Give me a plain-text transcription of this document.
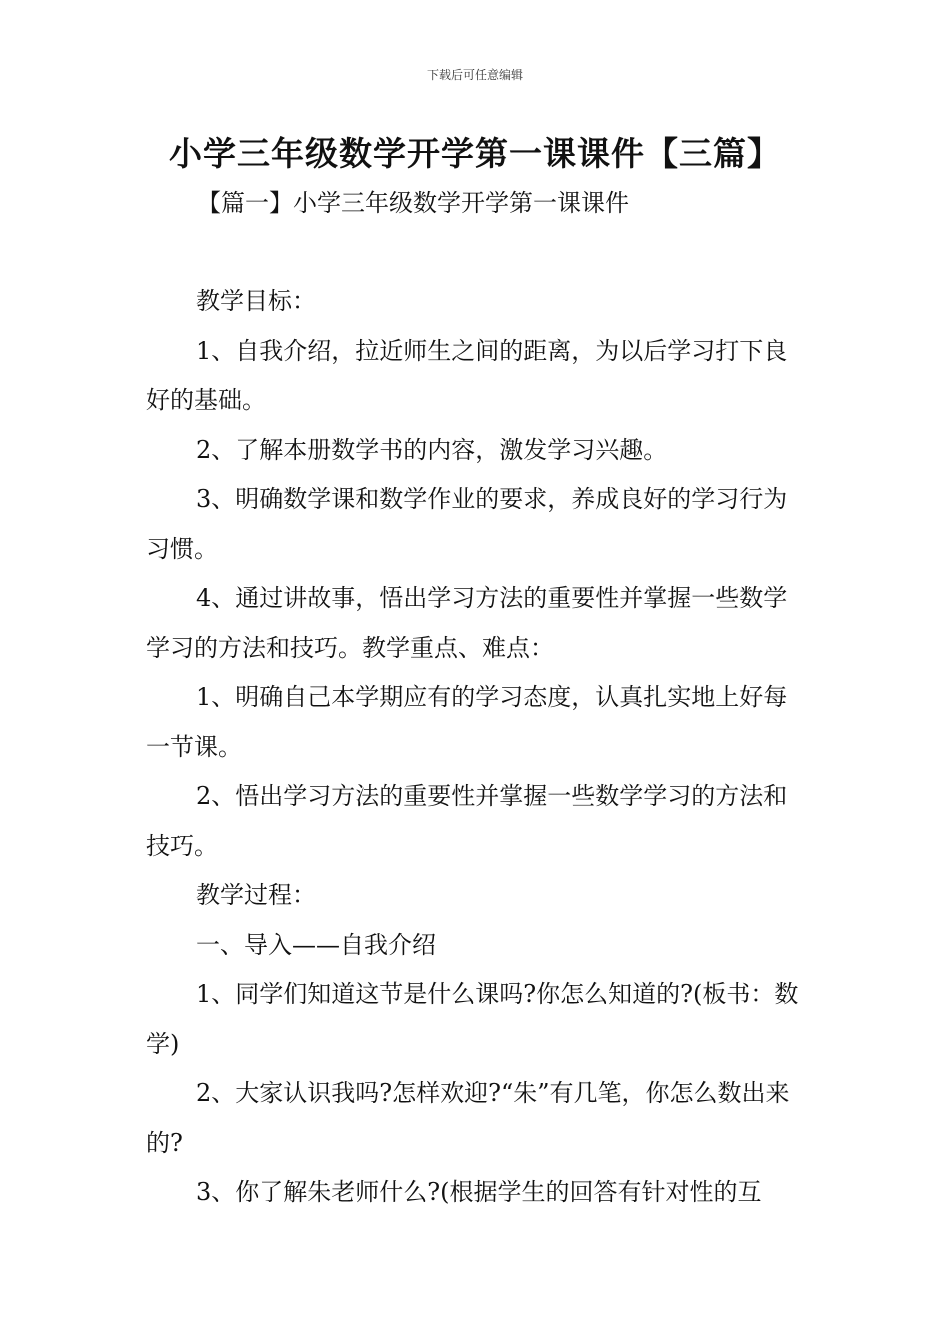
下载后可任意编辑
小学三年级数学开学第一课课件【三篇】
【篇一】小学三年级数学开学第一课课件

教学目标：

1、自我介绍，拉近师生之间的距离，为以后学习打下良好的基础。

2、了解本册数学书的内容，激发学习兴趣。

3、明确数学课和数学作业的要求，养成良好的学习行为习惯。

4、通过讲故事，悟出学习方法的重要性并掌握一些数学学习的方法和技巧。教学重点、难点：

1、明确自己本学期应有的学习态度，认真扎实地上好每一节课。

2、悟出学习方法的重要性并掌握一些数学学习的方法和技巧。

教学过程：

一、导入——自我介绍

1、同学们知道这节是什么课吗?你怎么知道的?(板书：数学)

2、大家认识我吗?怎样欢迎?“朱”有几笔，你怎么数出来的?

3、你了解朱老师什么?(根据学生的回答有针对性的互
